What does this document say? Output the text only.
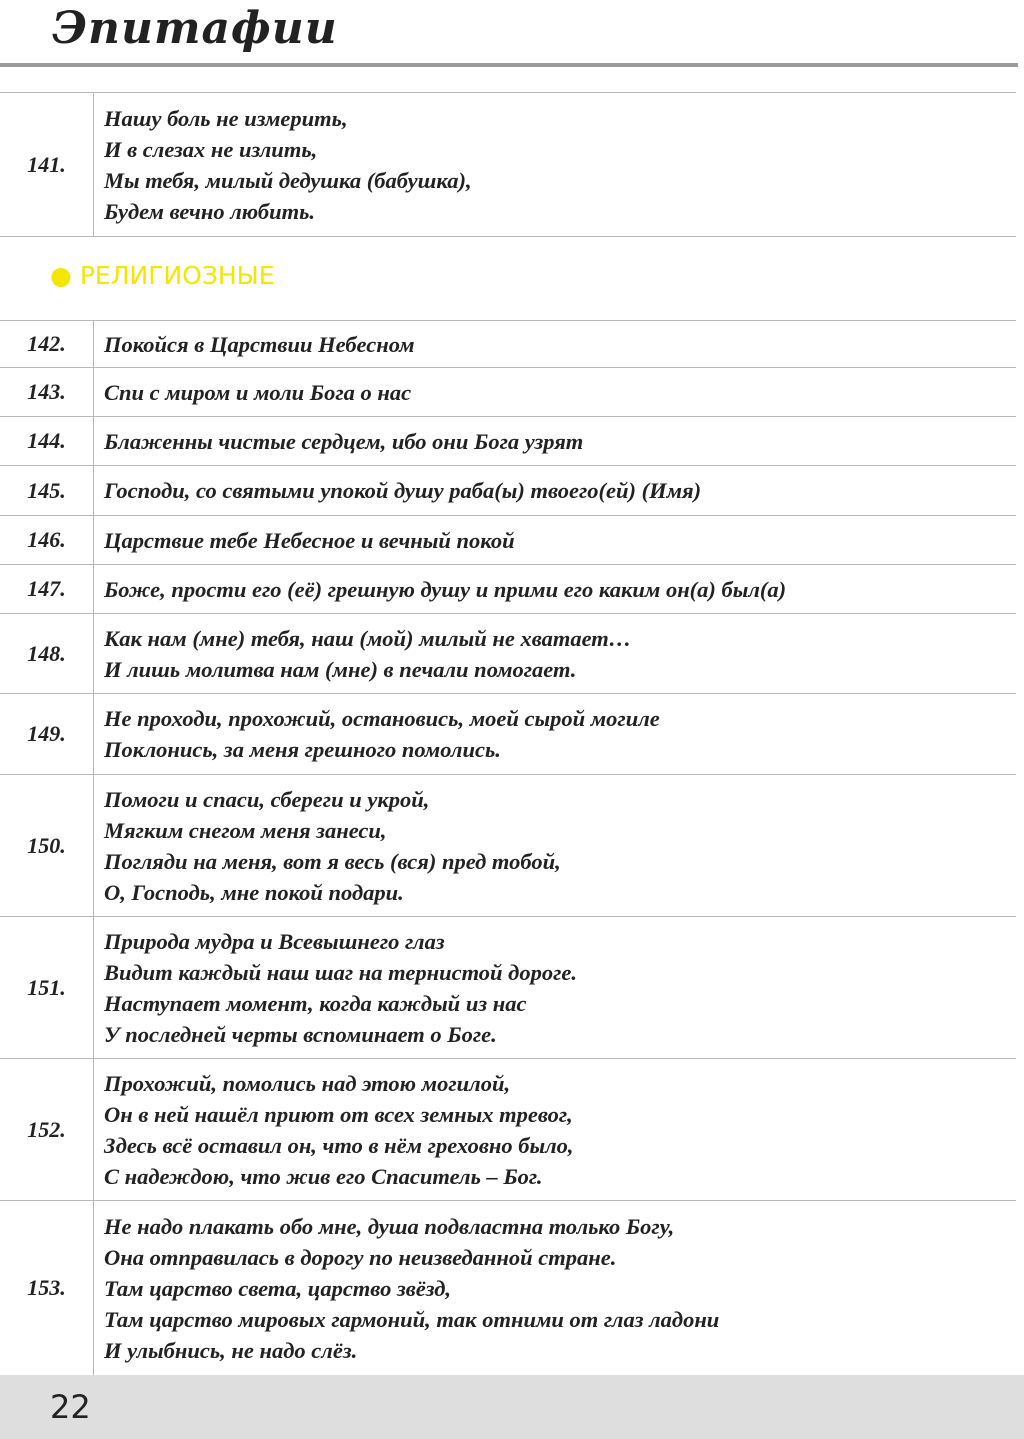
Эпитафии
141.
Нашу боль не измерить,
И в слезах не излить,
Мы тебя, милый дедушка (бабушка),
Будем вечно любить.
● РЕЛИГИОЗНЫЕ
142.	Покойся в Царствии Небесном
143.	Спи с миром и моли Бога о нас
144.	Блаженны чистые сердцем, ибо они Бога узрят
145.	Господи, со святыми упокой душу раба(ы) твоего(ей) (Имя)
146.	Царствие тебе Небесное и вечный покой
147.	Боже, прости его (её) грешную душу и прими его каким он(а) был(а)
148.
Как нам (мне) тебя, наш (мой) милый не хватает…
И лишь молитва нам (мне) в печали помогает.
149.
Не проходи, прохожий, остановись, моей сырой могиле
Поклонись, за меня грешного помолись.
150.
Помоги и спаси, сбереги и укрой,
Мягким снегом меня занеси,
Погляди на меня, вот я весь (вся) пред тобой,
О, Господь, мне покой подари.
151.
Природа мудра и Всевышнего глаз
Видит каждый наш шаг на тернистой дороге.
Наступает момент, когда каждый из нас
У последней черты вспоминает о Боге.
152.
Прохожий, помолись над этою могилой,
Он в ней нашёл приют от всех земных тревог,
Здесь всё оставил он, что в нём греховно было,
С надеждою, что жив его Спаситель – Бог.
153.
Не надо плакать обо мне, душа подвластна только Богу,
Она отправилась в дорогу по неизведанной стране.
Там царство света, царство звёзд,
Там царство мировых гармоний, так отними от глаз ладони
И улыбнись, не надо слёз.
22
